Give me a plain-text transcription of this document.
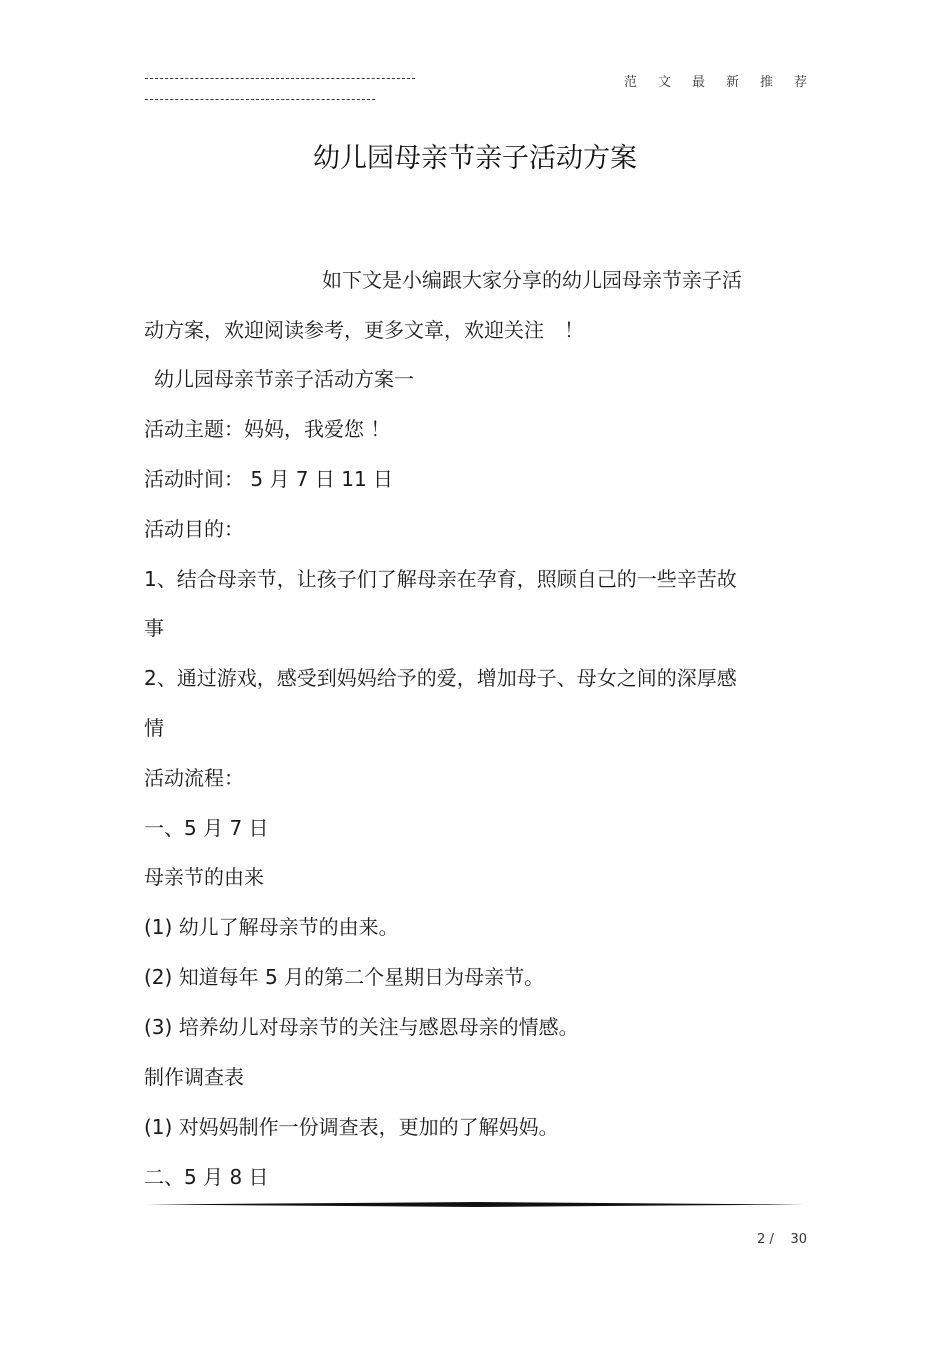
范文最新推荐
幼儿园母亲节亲子活动方案
如下文是小编跟大家分享的幼儿园母亲节亲子活
动方案，欢迎阅读参考，更多文章，欢迎关注　！
幼儿园母亲节亲子活动方案一
活动主题：妈妈，我爱您 ！
活动时间： 5 月 7 日 11 日
活动目的：
1、结合母亲节，让孩子们了解母亲在孕育，照顾自己的一些辛苦故
事
2、通过游戏，感受到妈妈给予的爱，增加母子、母女之间的深厚感
情
活动流程：
一、5 月 7 日
母亲节的由来
(1) 幼儿了解母亲节的由来。
(2) 知道每年 5 月的第二个星期日为母亲节。
(3) 培养幼儿对母亲节的关注与感恩母亲的情感。
制作调查表
(1) 对妈妈制作一份调查表，更加的了解妈妈。
二、5 月 8 日
2 /    30
